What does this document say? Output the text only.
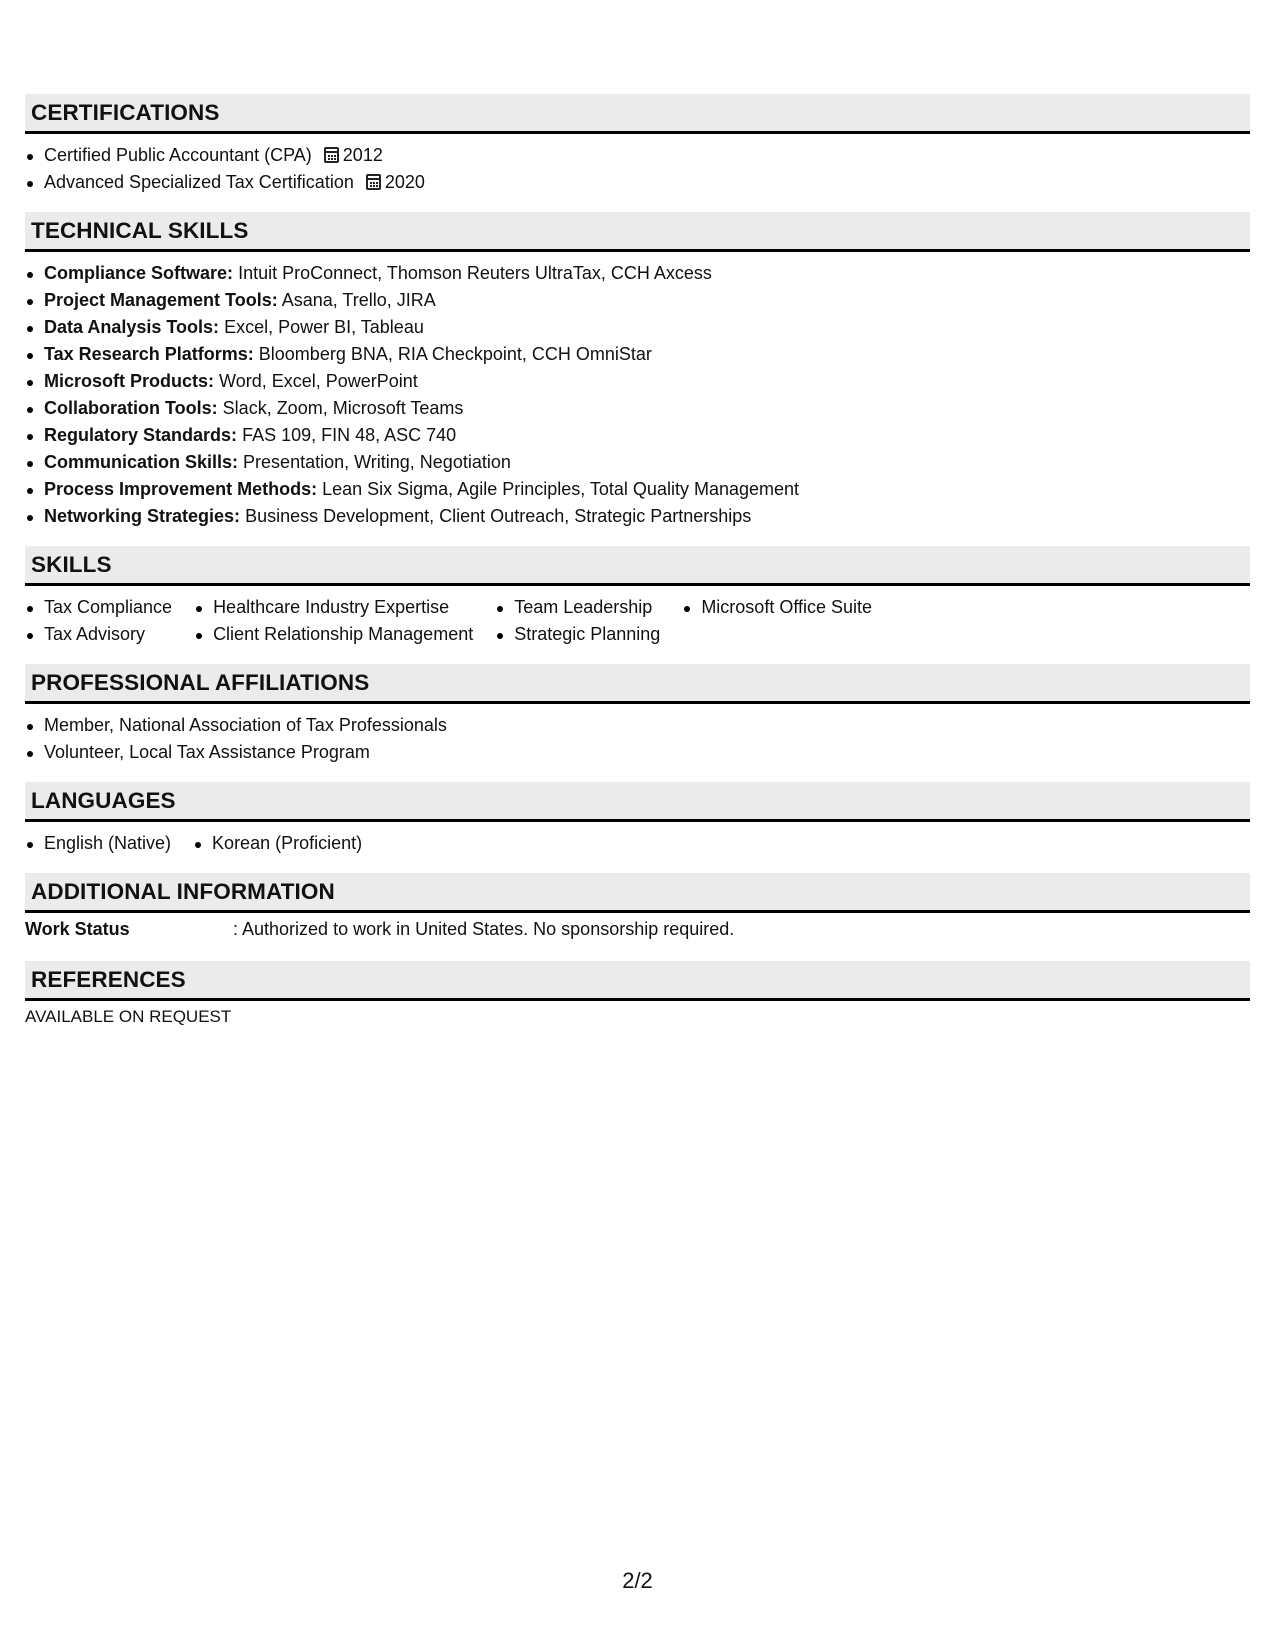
CERTIFICATIONS
Certified Public Accountant (CPA) 2012
Advanced Specialized Tax Certification 2020
TECHNICAL SKILLS
Compliance Software: Intuit ProConnect, Thomson Reuters UltraTax, CCH Axcess
Project Management Tools: Asana, Trello, JIRA
Data Analysis Tools: Excel, Power BI, Tableau
Tax Research Platforms: Bloomberg BNA, RIA Checkpoint, CCH OmniStar
Microsoft Products: Word, Excel, PowerPoint
Collaboration Tools: Slack, Zoom, Microsoft Teams
Regulatory Standards: FAS 109, FIN 48, ASC 740
Communication Skills: Presentation, Writing, Negotiation
Process Improvement Methods: Lean Six Sigma, Agile Principles, Total Quality Management
Networking Strategies: Business Development, Client Outreach, Strategic Partnerships
SKILLS
Tax Compliance
Tax Advisory
Healthcare Industry Expertise
Client Relationship Management
Team Leadership
Strategic Planning
Microsoft Office Suite
PROFESSIONAL AFFILIATIONS
Member, National Association of Tax Professionals
Volunteer, Local Tax Assistance Program
LANGUAGES
English (Native)	Korean (Proficient)
ADDITIONAL INFORMATION
Work Status	: Authorized to work in United States. No sponsorship required.
REFERENCES
AVAILABLE ON REQUEST
2/2
